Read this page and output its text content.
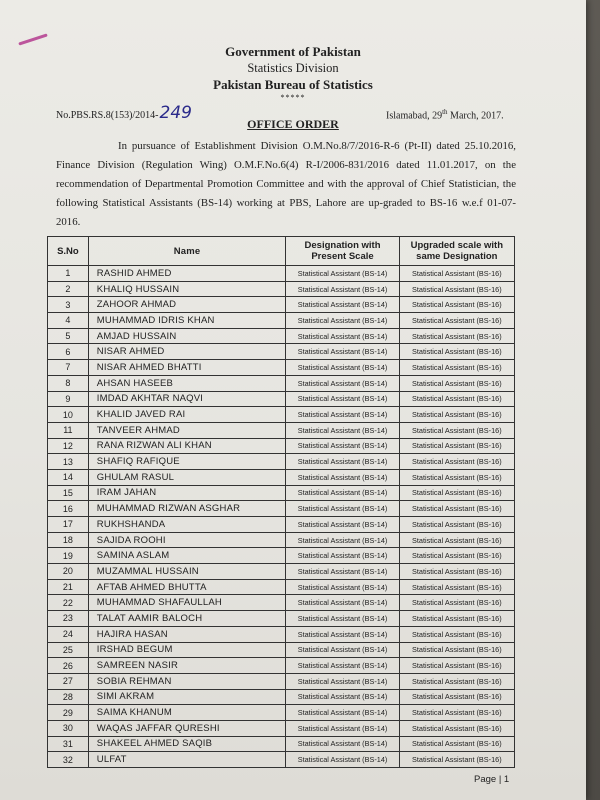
Government of Pakistan
Statistics Division
Pakistan Bureau of Statistics
*****
No.PBS.RS.8(153)/2014-249	Islamabad, 29th March, 2017.
OFFICE ORDER
In pursuance of Establishment Division O.M.No.8/7/2016-R-6 (Pt-II) dated 25.10.2016, Finance Division (Regulation Wing) O.M.F.No.6(4) R-I/2006-831/2016 dated 11.01.2017, on the recommendation of Departmental Promotion Committee and with the approval of Chief Statistician, the following Statistical Assistants (BS-14) working at PBS, Lahore are up-graded to BS-16 w.e.f 01-07-2016.
S.No	Name	Designation with Present Scale	Upgraded scale with same Designation
1	RASHID AHMED	Statistical Assistant (BS-14)	Statistical Assistant (BS-16)
2	KHALIQ HUSSAIN	Statistical Assistant (BS-14)	Statistical Assistant (BS-16)
3	ZAHOOR AHMAD	Statistical Assistant (BS-14)	Statistical Assistant (BS-16)
4	MUHAMMAD IDRIS KHAN	Statistical Assistant (BS-14)	Statistical Assistant (BS-16)
5	AMJAD HUSSAIN	Statistical Assistant (BS-14)	Statistical Assistant (BS-16)
6	NISAR AHMED	Statistical Assistant (BS-14)	Statistical Assistant (BS-16)
7	NISAR AHMED BHATTI	Statistical Assistant (BS-14)	Statistical Assistant (BS-16)
8	AHSAN HASEEB	Statistical Assistant (BS-14)	Statistical Assistant (BS-16)
9	IMDAD AKHTAR NAQVI	Statistical Assistant (BS-14)	Statistical Assistant (BS-16)
10	KHALID JAVED RAI	Statistical Assistant (BS-14)	Statistical Assistant (BS-16)
11	TANVEER AHMAD	Statistical Assistant (BS-14)	Statistical Assistant (BS-16)
12	RANA RIZWAN ALI KHAN	Statistical Assistant (BS-14)	Statistical Assistant (BS-16)
13	SHAFIQ RAFIQUE	Statistical Assistant (BS-14)	Statistical Assistant (BS-16)
14	GHULAM RASUL	Statistical Assistant (BS-14)	Statistical Assistant (BS-16)
15	IRAM JAHAN	Statistical Assistant (BS-14)	Statistical Assistant (BS-16)
16	MUHAMMAD RIZWAN ASGHAR	Statistical Assistant (BS-14)	Statistical Assistant (BS-16)
17	RUKHSHANDA	Statistical Assistant (BS-14)	Statistical Assistant (BS-16)
18	SAJIDA ROOHI	Statistical Assistant (BS-14)	Statistical Assistant (BS-16)
19	SAMINA ASLAM	Statistical Assistant (BS-14)	Statistical Assistant (BS-16)
20	MUZAMMAL HUSSAIN	Statistical Assistant (BS-14)	Statistical Assistant (BS-16)
21	AFTAB AHMED BHUTTA	Statistical Assistant (BS-14)	Statistical Assistant (BS-16)
22	MUHAMMAD SHAFAULLAH	Statistical Assistant (BS-14)	Statistical Assistant (BS-16)
23	TALAT AAMIR BALOCH	Statistical Assistant (BS-14)	Statistical Assistant (BS-16)
24	HAJIRA HASAN	Statistical Assistant (BS-14)	Statistical Assistant (BS-16)
25	IRSHAD BEGUM	Statistical Assistant (BS-14)	Statistical Assistant (BS-16)
26	SAMREEN NASIR	Statistical Assistant (BS-14)	Statistical Assistant (BS-16)
27	SOBIA REHMAN	Statistical Assistant (BS-14)	Statistical Assistant (BS-16)
28	SIMI AKRAM	Statistical Assistant (BS-14)	Statistical Assistant (BS-16)
29	SAIMA KHANUM	Statistical Assistant (BS-14)	Statistical Assistant (BS-16)
30	WAQAS JAFFAR QURESHI	Statistical Assistant (BS-14)	Statistical Assistant (BS-16)
31	SHAKEEL AHMED SAQIB	Statistical Assistant (BS-14)	Statistical Assistant (BS-16)
32	ULFAT	Statistical Assistant (BS-14)	Statistical Assistant (BS-16)
Page | 1
